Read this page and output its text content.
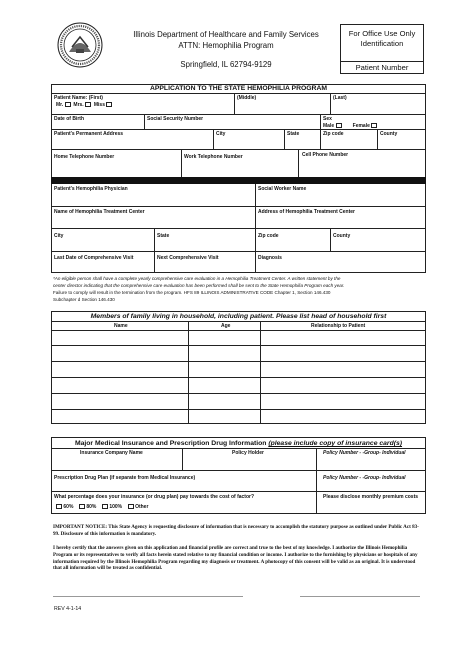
Illinois Department of Healthcare and Family Services
ATTN: Hemophilia Program
Springfield, IL 62794-9129
For Office Use Only
Identification
Patient Number
APPLICATION TO THE STATE HEMOPHILIA PROGRAM
Patient Name: (First)	(Middle)	(Last)
Mr. Mrs. Miss
Date of Birth	Social Security Number	Sex
Male	Female
Patient's Permanent Address	City	State	Zip code	County
Home Telephone Number	Work Telephone Number	Cell Phone Number
Patient's Hemophilia Physician	Social Worker Name
Name of Hemophilia Treatment Center	Address of Hemophilia Treatment Center
City	State	Zip code	County
Last Date of Comprehensive Visit	Next Comprehensive Visit	Diagnosis
*An eligible person shall have a complete yearly comprehensive care evaluation in a Hemophilia Treatment Center. A written statement by the
center director indicating that the comprehensive care evaluation has been performed shall be sent to the State Hemophilia Program each year.
Failure to comply will result in the termination from the program. HFS 89 ILLINOIS ADMINISTRATIVE CODE Chapter 1, Section 146.430
Subchapter d Section 146.430
Members of family living in household, including patient. Please list head of household first
Name	Age	Relationship to Patient
Major Medical Insurance and Prescription Drug Information (please include copy of insurance card(s)
Insurance Company Name	Policy Holder	Policy Number - -Group- Individual
Prescription Drug Plan (if separate from Medical Insurance)	Policy Number - -Group- Individual
What percentage does your insurance (or drug plan) pay towards the cost of factor?
60%	80%	100%	Other
Please disclose monthly premium costs
IMPORTANT NOTICE: This State Agency is requesting disclosure of information that is necessary to accomplish the statutory purpose as outlined under Public Act 83-99. Disclosure of this information is mandatory.
I hereby certify that the answers given on this application and financial profile are correct and true to the best of my knowledge. I authorize the Illinois Hemophilia Program or its representatives to verify all facts herein stated relative to my financial condition or income. I authorize to the furnishing by physicians or hospitals of any information required by the Illinois Hemophilia Program regarding my diagnosis or treatment. A photocopy of this consent will be valid as an original. It is understood that all information will be treated as confidential.
REV 4-1-14
